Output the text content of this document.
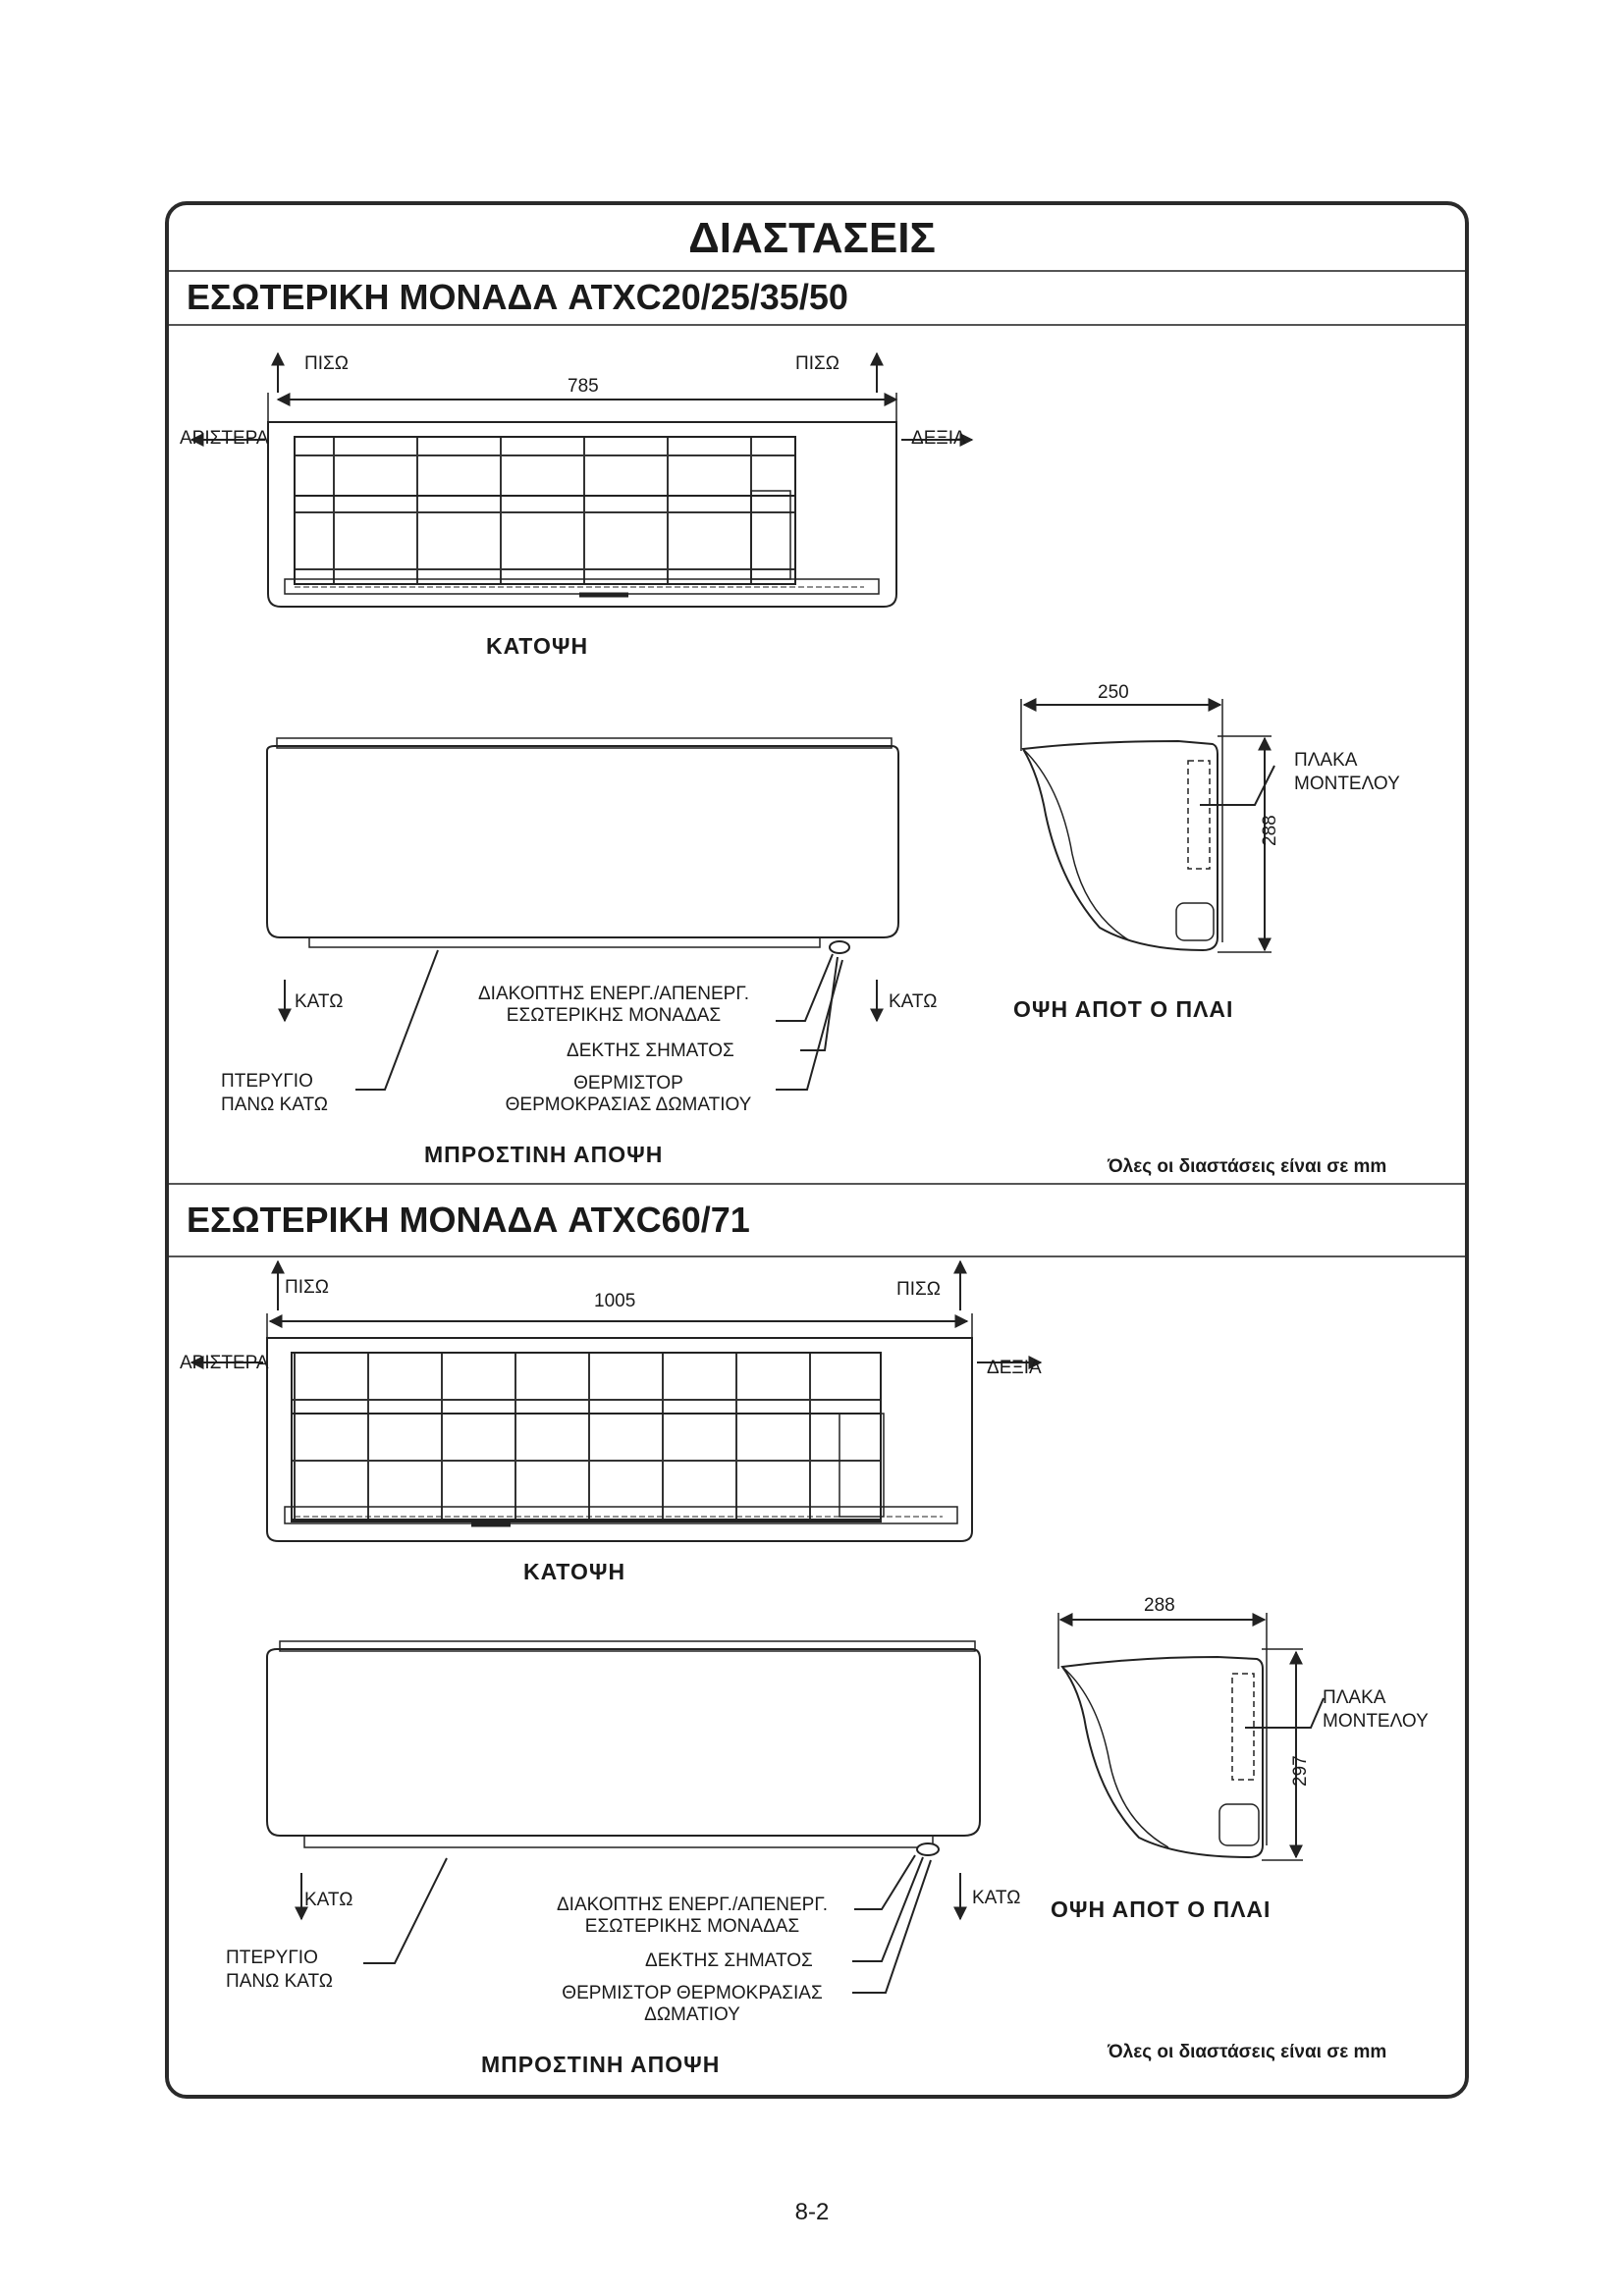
ΔΙΑΣΤΑΣΕΙΣ
ΕΣΩΤΕΡΙΚΗ ΜΟΝΑΔΑ ATXC20/25/35/50
ΕΣΩΤΕΡΙΚΗ ΜΟΝΑΔΑ ATXC60/71
ΠΙΣΩ	ΠΙΣΩ
785
ΑΡΙΣΤΕΡΑ	ΔΕΞΙΑ
ΚΑΤΟΨΗ
ΚΑΤΩ	ΚΑΤΩ
ΔΙΑΚΟΠΤΗΣ ΕΝΕΡΓ./ΑΠΕΝΕΡΓ.
ΕΣΩΤΕΡΙΚΗΣ ΜΟΝΑΔΑΣ
ΔΕΚΤΗΣ ΣΗΜΑΤΟΣ
ΘΕΡΜΙΣΤΟΡ
ΘΕΡΜΟΚΡΑΣΙΑΣ ΔΩΜΑΤΙΟΥ
ΠΤΕΡΥΓΙΟ
ΠΑΝΩ ΚΑΤΩ
ΜΠΡΟΣΤΙΝΗ ΑΠΟΨΗ
250
288
ΠΛΑΚΑ
ΜΟΝΤΕΛΟΥ
ΟΨΗ ΑΠΟΤ Ο ΠΛΑΙ
Όλες οι διαστάσεις είναι σε mm
ΠΙΣΩ	ΠΙΣΩ
1005
ΑΡΙΣΤΕΡΑ	ΔΕΞΙΑ
ΚΑΤΟΨΗ
ΚΑΤΩ	ΚΑΤΩ
ΔΙΑΚΟΠΤΗΣ ΕΝΕΡΓ./ΑΠΕΝΕΡΓ.
ΕΣΩΤΕΡΙΚΗΣ ΜΟΝΑΔΑΣ
ΔΕΚΤΗΣ ΣΗΜΑΤΟΣ
ΘΕΡΜΙΣΤΟΡ ΘΕΡΜΟΚΡΑΣΙΑΣ
ΔΩΜΑΤΙΟΥ
ΠΤΕΡΥΓΙΟ
ΠΑΝΩ ΚΑΤΩ
ΜΠΡΟΣΤΙΝΗ ΑΠΟΨΗ
288
297
ΠΛΑΚΑ
ΜΟΝΤΕΛΟΥ
ΟΨΗ ΑΠΟΤ Ο ΠΛΑΙ
Όλες οι διαστάσεις είναι σε mm
8-2
